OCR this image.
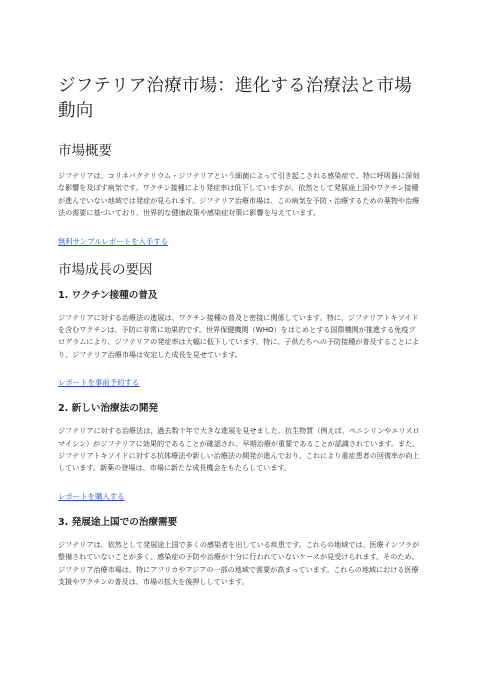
ジフテリア治療市場：進化する治療法と市場動向
市場概要

ジフテリアは、コリネバクテリウム・ジフテリアという細菌によって引き起こされる感染症で、特に呼吸器に深刻な影響を及ぼす病気です。ワクチン接種により発症率は低下していますが、依然として発展途上国やワクチン接種が進んでいない地域では発症が見られます。ジフテリア治療市場は、この病気を予防・治療するための薬物や治療法の需要に基づいており、世界的な健康政策や感染症対策に影響を与えています。

無料サンプルレポートを入手する
市場成長の要因
1. ワクチン接種の普及

ジフテリアに対する治療法の進展は、ワクチン接種の普及と密接に関係しています。特に、ジフテリアトキソイドを含むワクチンは、予防に非常に効果的です。世界保健機関（WHO）をはじめとする国際機関が推進する免疫プログラムにより、ジフテリアの発症率は大幅に低下しています。特に、子供たちへの予防接種が普及することにより、ジフテリア治療市場は安定した成長を見せています。

レポートを事前予約する
2. 新しい治療法の開発

ジフテリアに対する治療法は、過去数十年で大きな進展を見せました。抗生物質（例えば、ペニシリンやエリスロマイシン）がジフテリアに効果的であることが確認され、早期治療が重要であることが認識されています。また、ジフテリアトキソイドに対する抗体療法や新しい治療法の開発が進んでおり、これにより重症患者の回復率が向上しています。新薬の登場は、市場に新たな成長機会をもたらしています。

レポートを購入する
3. 発展途上国での治療需要

ジフテリアは、依然として発展途上国で多くの感染者を出している疾患です。これらの地域では、医療インフラが整備されていないことが多く、感染症の予防や治療が十分に行われていないケースが見受けられます。そのため、ジフテリア治療市場は、特にアフリカやアジアの一部の地域で需要が高まっています。これらの地域における医療支援やワクチンの普及は、市場の拡大を後押ししています。
